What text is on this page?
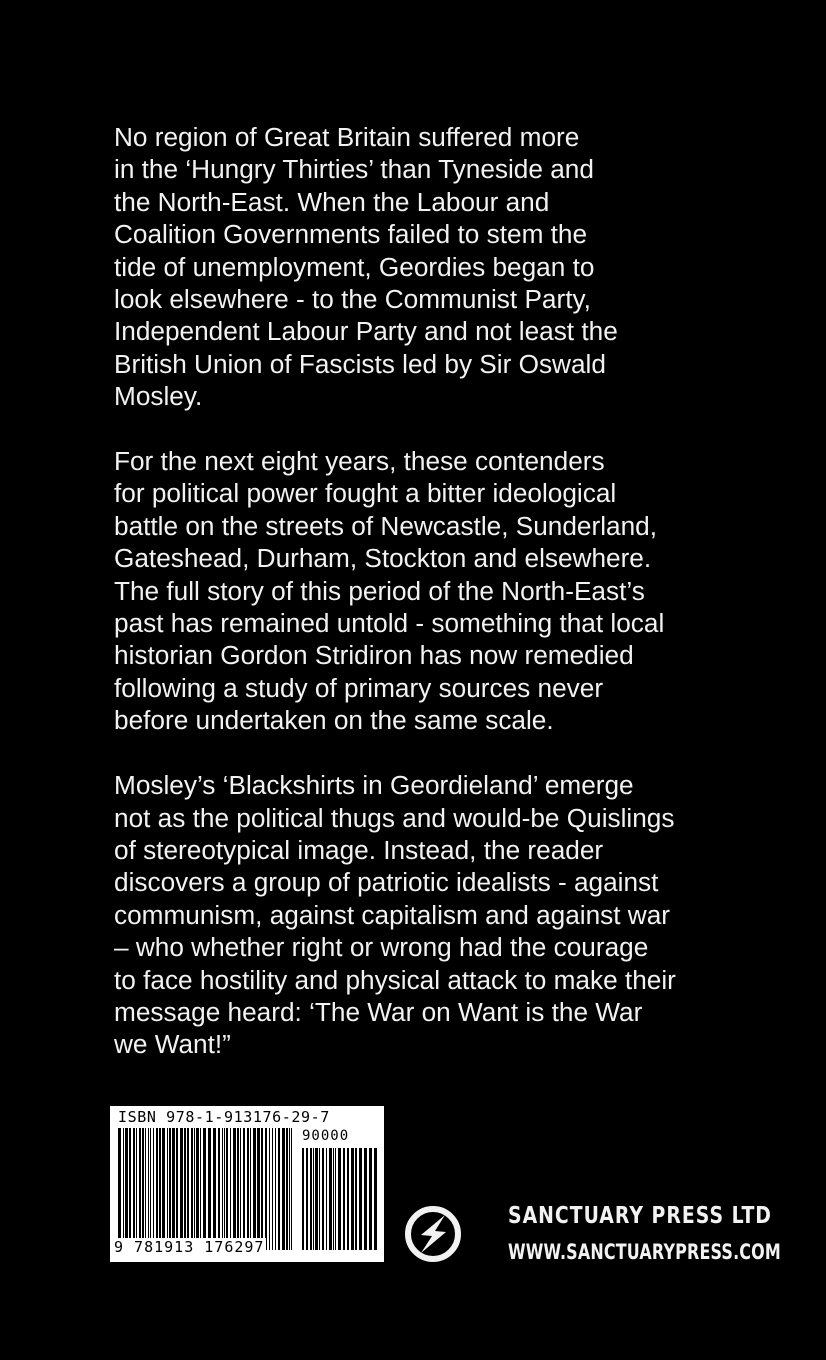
No region of Great Britain suffered more
in the ‘Hungry Thirties’ than Tyneside and
the North-East. When the Labour and
Coalition Governments failed to stem the
tide of unemployment, Geordies began to
look elsewhere - to the Communist Party,
Independent Labour Party and not least the
British Union of Fascists led by Sir Oswald
Mosley.

For the next eight years, these contenders
for political power fought a bitter ideological
battle on the streets of Newcastle, Sunderland,
Gateshead, Durham, Stockton and elsewhere.
The full story of this period of the North-East’s
past has remained untold - something that local
historian Gordon Stridiron has now remedied
following a study of primary sources never
before undertaken on the same scale.

Mosley’s ‘Blackshirts in Geordieland’ emerge
not as the political thugs and would-be Quislings
of stereotypical image. Instead, the reader
discovers a group of patriotic idealists - against
communism, against capitalism and against war
– who whether right or wrong had the courage
to face hostility and physical attack to make their
message heard: ‘The War on Want is the War
we Want!”

ISBN 978-1-913176-29-7
90000
9 781913 176297
SANCTUARY PRESS LTD
WWW.SANCTUARYPRESS.COM
